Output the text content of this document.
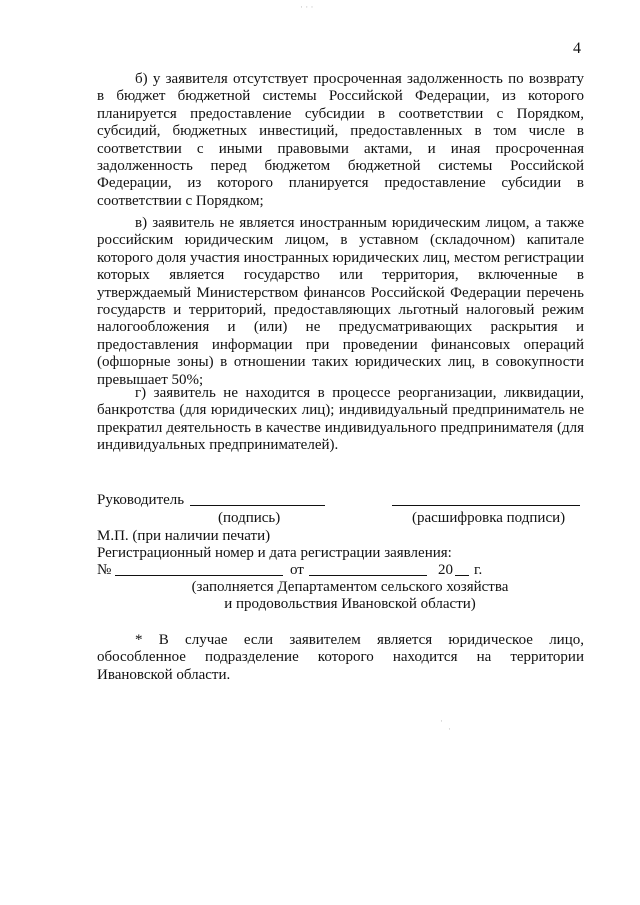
· · ·
4

б) у заявителя отсутствует просроченная задолженность по возврату в бюджет бюджетной системы Российской Федерации, из которого планируется предоставление субсидии в соответствии с Порядком, субсидий, бюджетных инвестиций, предоставленных в том числе в соответствии с иными правовыми актами, и иная просроченная задолженность перед бюджетом бюджетной системы Российской Федерации, из которого планируется предоставление субсидии в соответствии с Порядком;

в) заявитель не является иностранным юридическим лицом, а также российским юридическим лицом, в уставном (складочном) капитале которого доля участия иностранных юридических лиц, местом регистрации которых является государство или территория, включенные в утверждаемый Министерством финансов Российской Федерации перечень государств и территорий, предоставляющих льготный налоговый режим налогообложения и (или) не предусматривающих раскрытия и предоставления информации при проведении финансовых операций (офшорные зоны) в отношении таких юридических лиц, в совокупности превышает 50%;

г) заявитель не находится в процессе реорганизации, ликвидации, банкротства (для юридических лиц); индивидуальный предприниматель не прекратил деятельность в качестве индивидуального предпринимателя (для индивидуальных предпринимателей).

Руководитель
(подпись)	(расшифровка подписи)
М.П. (при наличии печати)
Регистрационный номер и дата регистрации заявления:
№	от	20 г.
(заполняется Департаментом сельского хозяйства
и продовольствия Ивановской области)

* В случае если заявителем является юридическое лицо, обособленное подразделение которого находится на территории Ивановской области.

·
·
